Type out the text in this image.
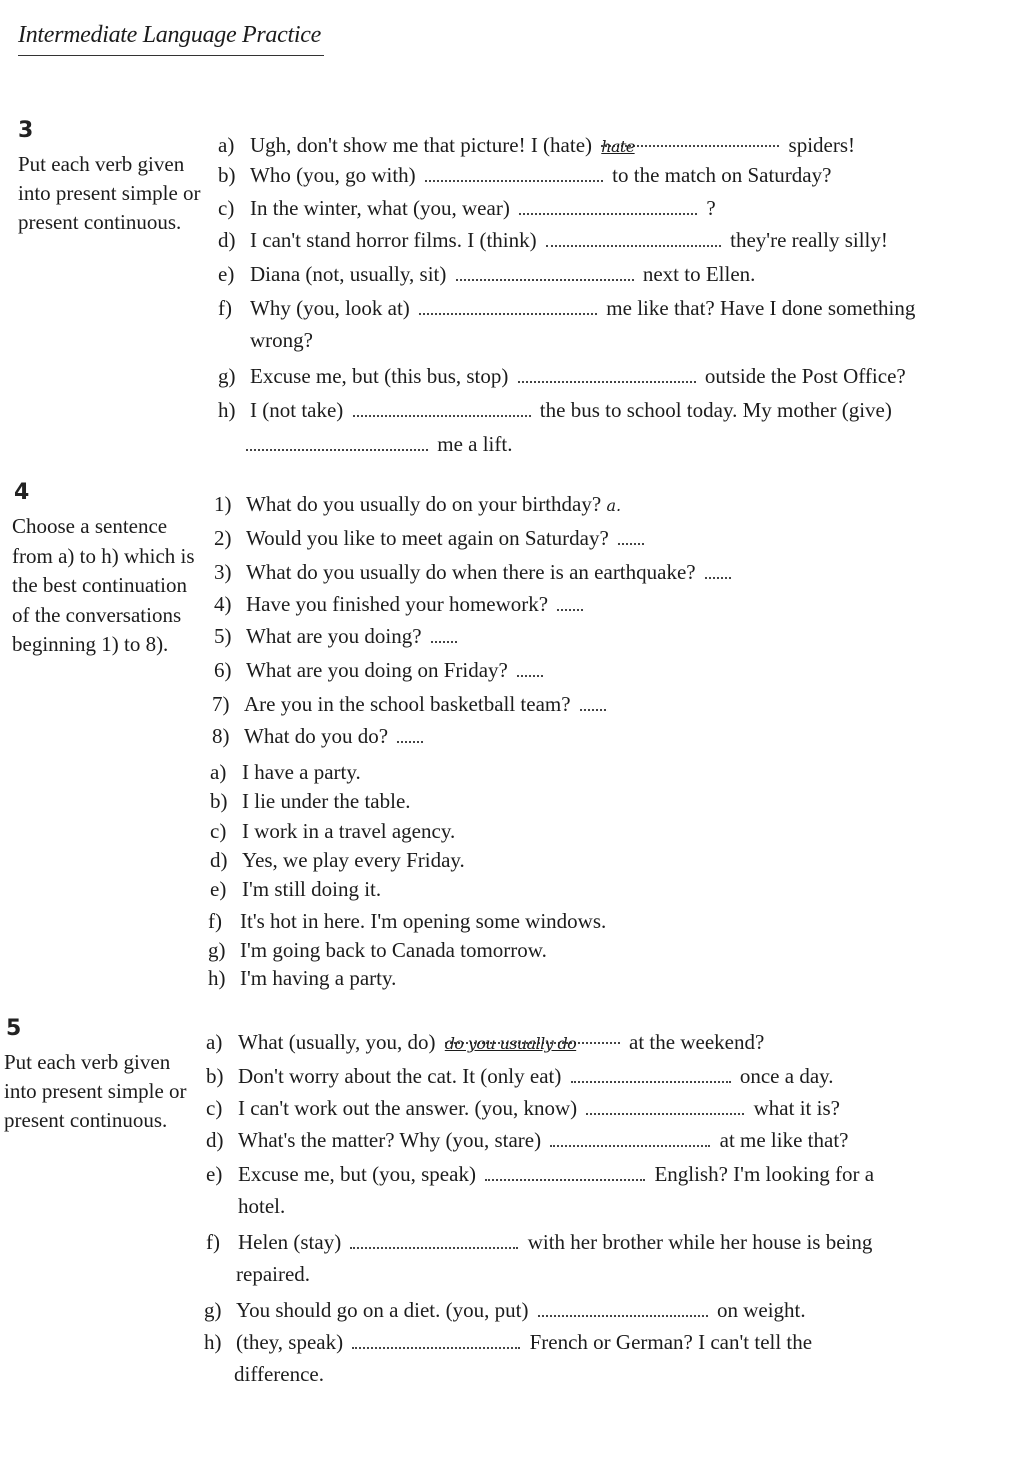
Intermediate Language Practice
3
Put each verb given into present simple or present continuous.
a) Ugh, don't show me that picture! I (hate) hate	spiders!
b) Who (you, go with)	to the match on Saturday?
c) In the winter, what (you, wear)	?
d) I can't stand horror films. I (think)	they're really silly!
e) Diana (not, usually, sit)	next to Ellen.
f) Why (you, look at)	me like that? Have I done something
wrong?
g) Excuse me, but (this bus, stop)	outside the Post Office?
h) I (not take)	the bus to school today. My mother (give)
me a lift.
4
Choose a sentence from a) to h) which is the best continuation of the conversations beginning 1) to 8).
1) What do you usually do on your birthday? a.
2) Would you like to meet again on Saturday?
3) What do you usually do when there is an earthquake?
4) Have you finished your homework?
5) What are you doing?
6) What are you doing on Friday?
7) Are you in the school basketball team?
8) What do you do?
a) I have a party.
b) I lie under the table.
c) I work in a travel agency.
d) Yes, we play every Friday.
e) I'm still doing it.
f) It's hot in here. I'm opening some windows.
g) I'm going back to Canada tomorrow.
h) I'm having a party.
5
Put each verb given into present simple or present continuous.
a) What (usually, you, do) do you usually do	at the weekend?
b) Don't worry about the cat. It (only eat)	once a day.
c) I can't work out the answer. (you, know)	what it is?
d) What's the matter? Why (you, stare)	at me like that?
e) Excuse me, but (you, speak)	English? I'm looking for a
hotel.
f) Helen (stay)	with her brother while her house is being
repaired.
g) You should go on a diet. (you, put)	on weight.
h) (they, speak)	French or German? I can't tell the
difference.
